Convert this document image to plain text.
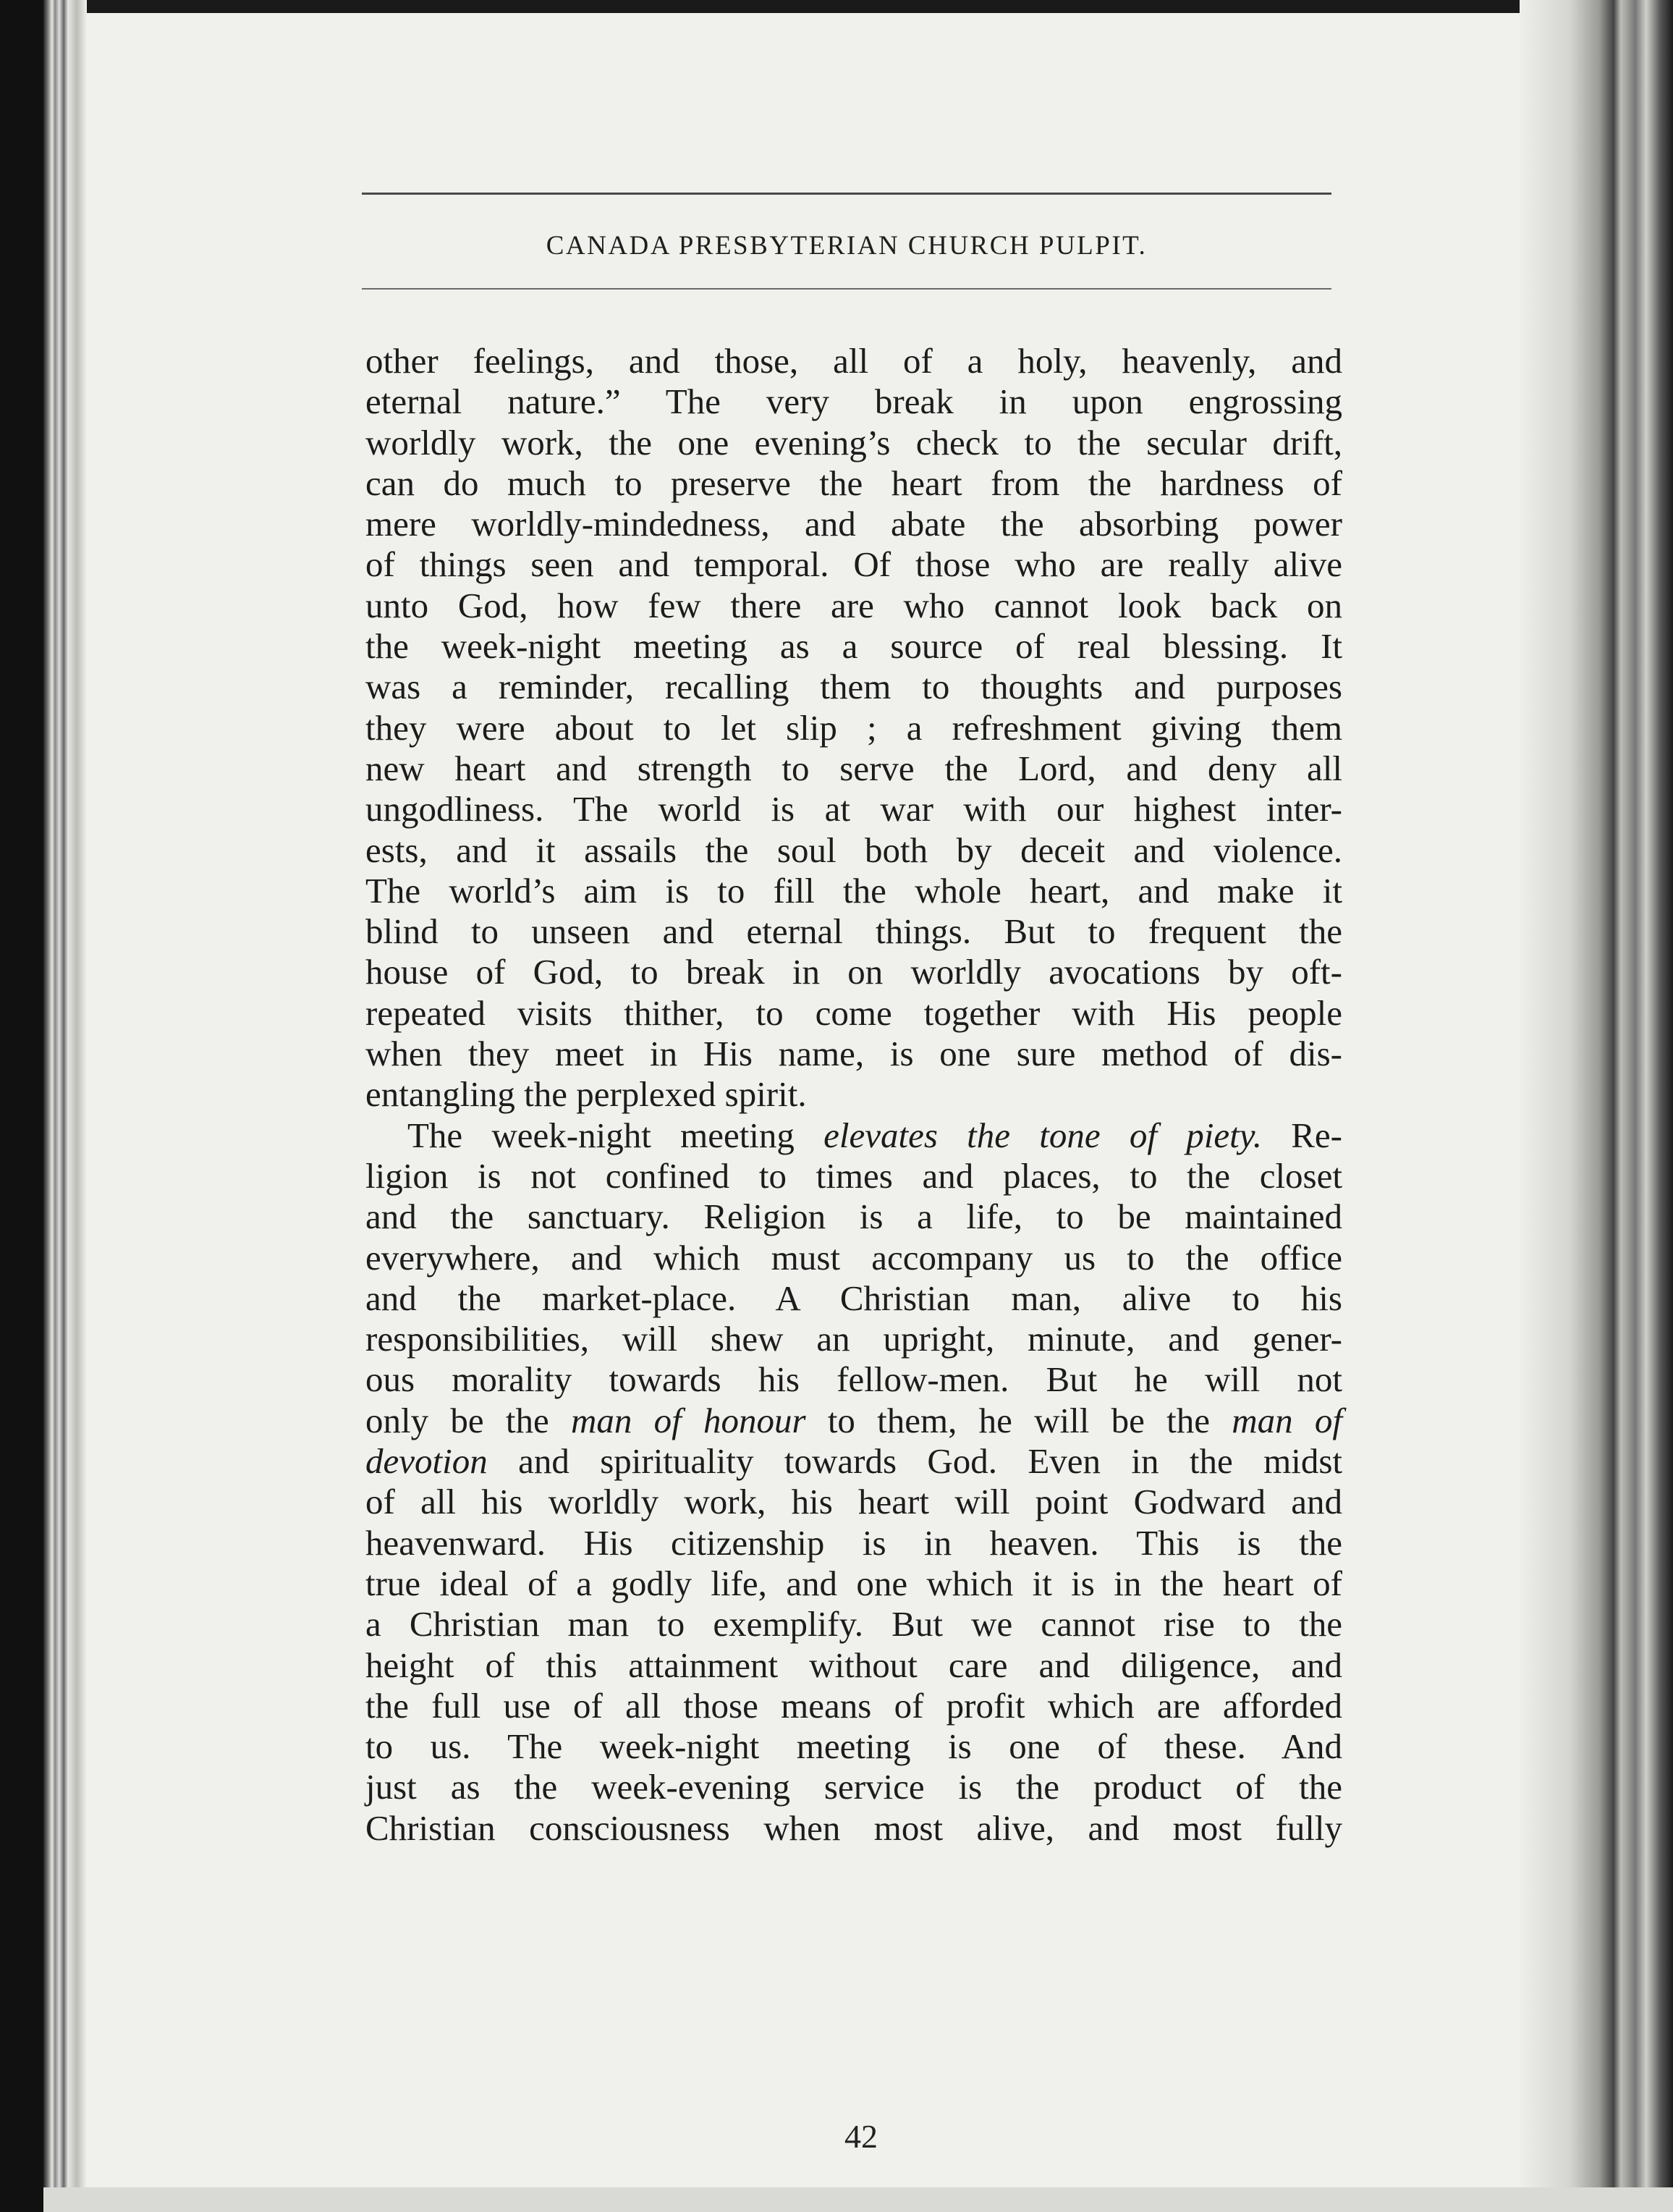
CANADA PRESBYTERIAN CHURCH PULPIT.
other feelings, and those, all of a holy, heavenly, and
eternal nature.” The very break in upon engrossing
worldly work, the one evening’s check to the secular drift,
can do much to preserve the heart from the hardness of
mere worldly-mindedness, and abate the absorbing power
of things seen and temporal. Of those who are really alive
unto God, how few there are who cannot look back on
the week-night meeting as a source of real blessing. It
was a reminder, recalling them to thoughts and purposes
they were about to let slip ; a refreshment giving them
new heart and strength to serve the Lord, and deny all
ungodliness. The world is at war with our highest inter-
ests, and it assails the soul both by deceit and violence.
The world’s aim is to fill the whole heart, and make it
blind to unseen and eternal things. But to frequent the
house of God, to break in on worldly avocations by oft-
repeated visits thither, to come together with His people
when they meet in His name, is one sure method of dis-
entangling the perplexed spirit.
The week-night meeting elevates the tone of piety. Re-
ligion is not confined to times and places, to the closet
and the sanctuary. Religion is a life, to be maintained
everywhere, and which must accompany us to the office
and the market-place. A Christian man, alive to his
responsibilities, will shew an upright, minute, and gener-
ous morality towards his fellow-men. But he will not
only be the man of honour to them, he will be the man of
devotion and spirituality towards God. Even in the midst
of all his worldly work, his heart will point Godward and
heavenward. His citizenship is in heaven. This is the
true ideal of a godly life, and one which it is in the heart of
a Christian man to exemplify. But we cannot rise to the
height of this attainment without care and diligence, and
the full use of all those means of profit which are afforded
to us. The week-night meeting is one of these. And
just as the week-evening service is the product of the
Christian consciousness when most alive, and most fully
42
